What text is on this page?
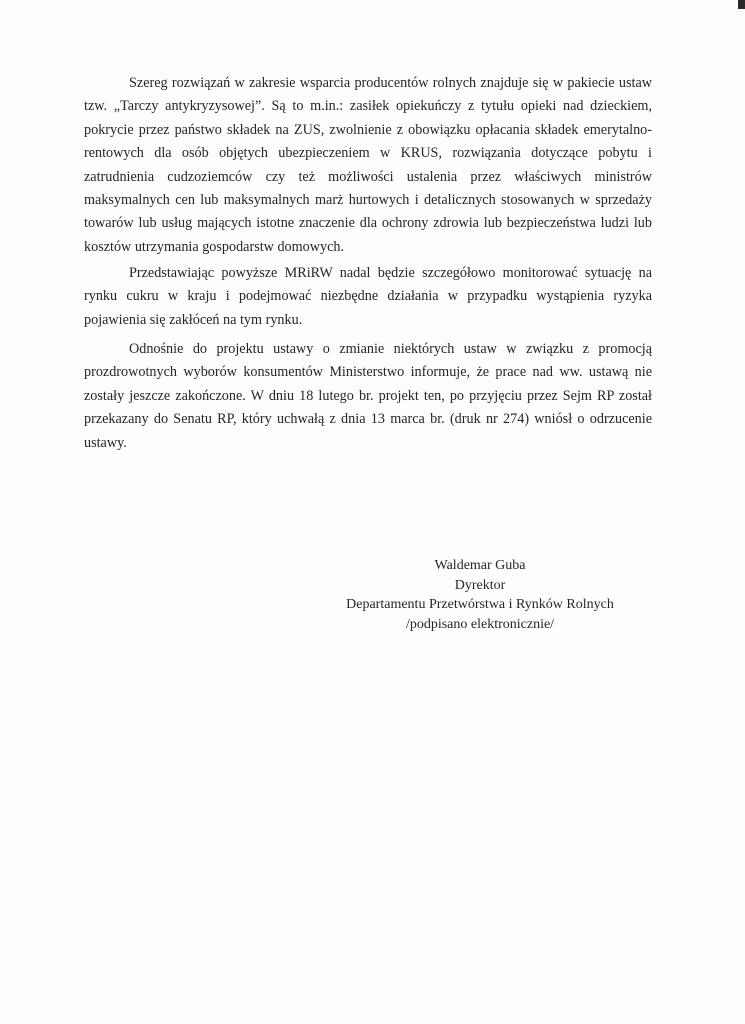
Szereg rozwiązań w zakresie wsparcia producentów rolnych znajduje się w pakiecie ustaw tzw. „Tarczy antykryzysowej”. Są to m.in.: zasiłek opiekuńczy z tytułu opieki nad dzieckiem, pokrycie przez państwo składek na ZUS, zwolnienie z obowiązku opłacania składek emerytalno-rentowych dla osób objętych ubezpieczeniem w KRUS, rozwiązania dotyczące pobytu i zatrudnienia cudzoziemców czy też możliwości ustalenia przez właściwych ministrów maksymalnych cen lub maksymalnych marż hurtowych i detalicznych stosowanych w sprzedaży towarów lub usług mających istotne znaczenie dla ochrony zdrowia lub bezpieczeństwa ludzi lub kosztów utrzymania gospodarstw domowych.

Przedstawiając powyższe MRiRW nadal będzie szczegółowo monitorować sytuację na rynku cukru w kraju i podejmować niezbędne działania w przypadku wystąpienia ryzyka pojawienia się zakłóceń na tym rynku.

Odnośnie do projektu ustawy o zmianie niektórych ustaw w związku z promocją prozdrowotnych wyborów konsumentów Ministerstwo informuje, że prace nad ww. ustawą nie zostały jeszcze zakończone. W dniu 18 lutego br. projekt ten, po przyjęciu przez Sejm RP został przekazany do Senatu RP, który uchwałą z dnia 13 marca br. (druk nr 274) wniósł o odrzucenie ustawy.

Waldemar Guba
Dyrektor
Departamentu Przetwórstwa i Rynków Rolnych
/podpisano elektronicznie/
